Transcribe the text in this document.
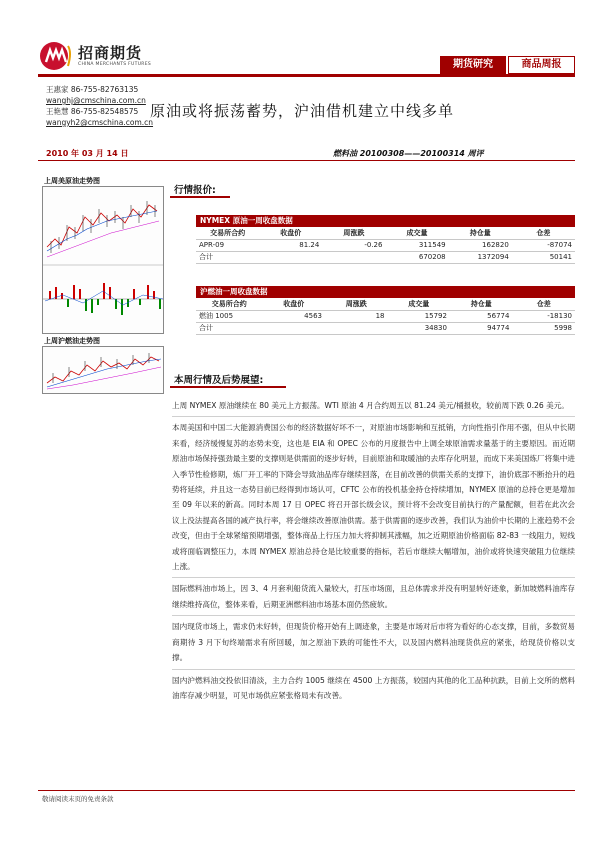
招商期货
CHINA MERCHANTS FUTURES	期货研究	商品周报
王惠家 86-755-82763135
wanghj@cmschina.com.cn
王艳慧 86-755-82548575
wangyh2@cmschina.com.cn
原油或将振荡蓄势，沪油借机建立中线多单
2010 年 03 月 14 日	燃料油 20100308——20100314 周评
上周美原油走势图
上周沪燃油走势图
行情报价:
NYMEX 原油一周收盘数据
交易所合约	收盘价	周涨跌	成交量	持仓量	仓差
APR-09	81.24	-0.26	311549	162820	-87074
合计			670208	1372094	50141
沪燃油一周收盘数据
交易所合约	收盘价	周涨跌	成交量	持仓量	仓差
燃油 1005	4563	18	15792	56774	-18130
合计			34830	94774	5998
本周行情及后势展望:

上周 NYMEX 原油继续在 80 美元上方振荡。WTI 原油 4 月合约周五以 81.24 美元/桶报收，较前周下跌 0.26 美元。

本周美国和中国二大能源消费国公布的经济数据好坏不一，对原油市场影响和互抵销，方向性指引作用不强，但从中长期来看，经济缓慢复苏的态势未变，这也是 EIA 和 OPEC 公布的月度报告中上调全球原油需求量基于的主要原因。而近期原油市场保持强劲最主要的支撑则是供需面的逐步好转，目前原油和取暖油的去库存化明显，而成下来美国炼厂将集中进入季节性检修期，炼厂开工率的下降会导致油品库存继续回落，在目前改善的供需关系的支撑下，油价底部不断抬升的趋势将延续，并且这一态势目前已经得到市场认可，CFTC 公布的投机基金持仓持续增加，NYMEX 原油的总持仓更是增加至 09 年以来的新高。同时本周 17 日 OPEC 将召开部长级会议，预计将不会改变目前执行的产量配额，但若在此次会议上没法提高各国的减产执行率，将会继续改善原油供需。基于供需面的逐步改善，我们认为油价中长期的上涨趋势不会改变，但由于全球紧缩预期增强，整体商品上行压力加大将抑制其涨幅，加之近期原油价格面临 82-83 一线阻力，短线或将面临调整压力，本周 NYMEX 原油总持仓是比较重要的指标，若后市继续大幅增加，油价或将快速突破阻力位继续上涨。

国际燃料油市场上，因 3、4 月套利船货流入量较大，打压市场面，且总体需求并没有明显转好迹象，新加坡燃料油库存继续维持高位，整体来看，后期亚洲燃料油市场基本面仍然疲软。

国内现货市场上，需求仍未好转，但现货价格开始有上调迹象，主要是市场对后市将为看好的心态支撑，目前，多数贸易商期待 3 月下旬终端需求有所回暖，加之原油下跌的可能性不大，以及国内燃料油现货供应的紧张，给现货价格以支撑。

国内沪燃料油交投依旧清淡，主力合约 1005 继续在 4500 上方振荡，较国内其他的化工品种抗跌，目前上交所的燃料油库存减少明显，可见市场供应紧张格局未有改善。

敬请阅读末页的免责条款
